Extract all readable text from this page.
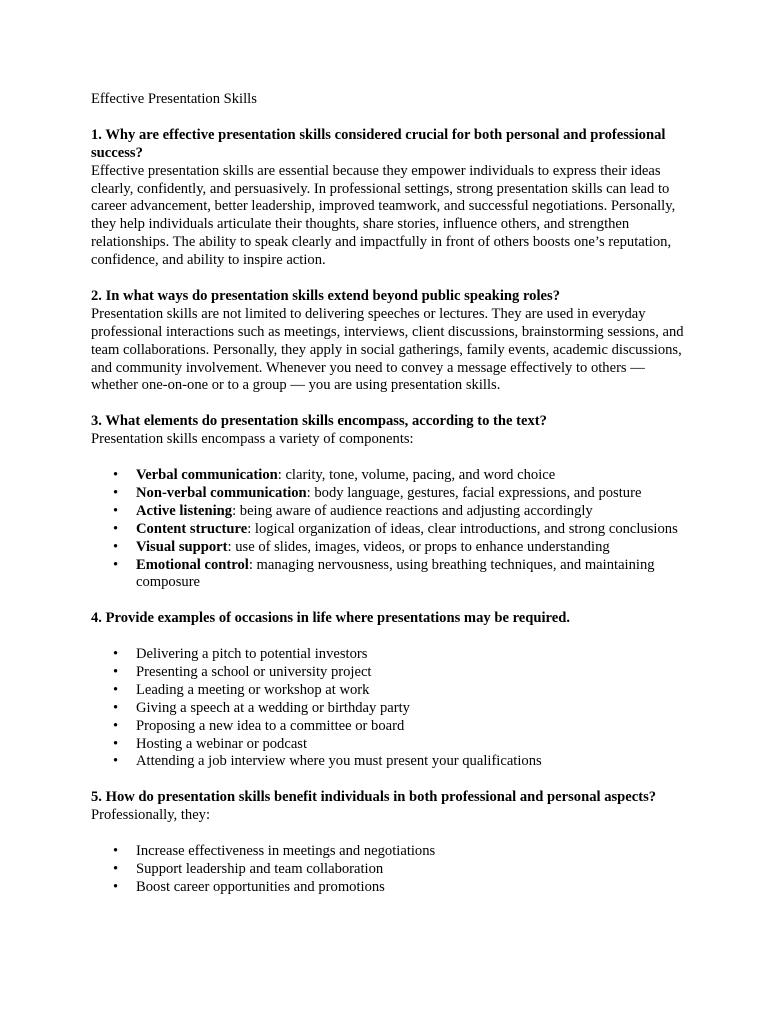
Effective Presentation Skills

1. Why are effective presentation skills considered crucial for both personal and professional success?

Effective presentation skills are essential because they empower individuals to express their ideas clearly, confidently, and persuasively. In professional settings, strong presentation skills can lead to career advancement, better leadership, improved teamwork, and successful negotiations. Personally, they help individuals articulate their thoughts, share stories, influence others, and strengthen relationships. The ability to speak clearly and impactfully in front of others boosts one’s reputation, confidence, and ability to inspire action.

2. In what ways do presentation skills extend beyond public speaking roles?

Presentation skills are not limited to delivering speeches or lectures. They are used in everyday professional interactions such as meetings, interviews, client discussions, brainstorming sessions, and team collaborations. Personally, they apply in social gatherings, family events, academic discussions, and community involvement. Whenever you need to convey a message effectively to others — whether one-on-one or to a group — you are using presentation skills.

3. What elements do presentation skills encompass, according to the text?

Presentation skills encompass a variety of components:

• Verbal communication: clarity, tone, volume, pacing, and word choice
• Non-verbal communication: body language, gestures, facial expressions, and posture
• Active listening: being aware of audience reactions and adjusting accordingly
• Content structure: logical organization of ideas, clear introductions, and strong conclusions
• Visual support: use of slides, images, videos, or props to enhance understanding
• Emotional control: managing nervousness, using breathing techniques, and maintaining composure

4. Provide examples of occasions in life where presentations may be required.

• Delivering a pitch to potential investors
• Presenting a school or university project
• Leading a meeting or workshop at work
• Giving a speech at a wedding or birthday party
• Proposing a new idea to a committee or board
• Hosting a webinar or podcast
• Attending a job interview where you must present your qualifications

5. How do presentation skills benefit individuals in both professional and personal aspects?

Professionally, they:

• Increase effectiveness in meetings and negotiations
• Support leadership and team collaboration
• Boost career opportunities and promotions
